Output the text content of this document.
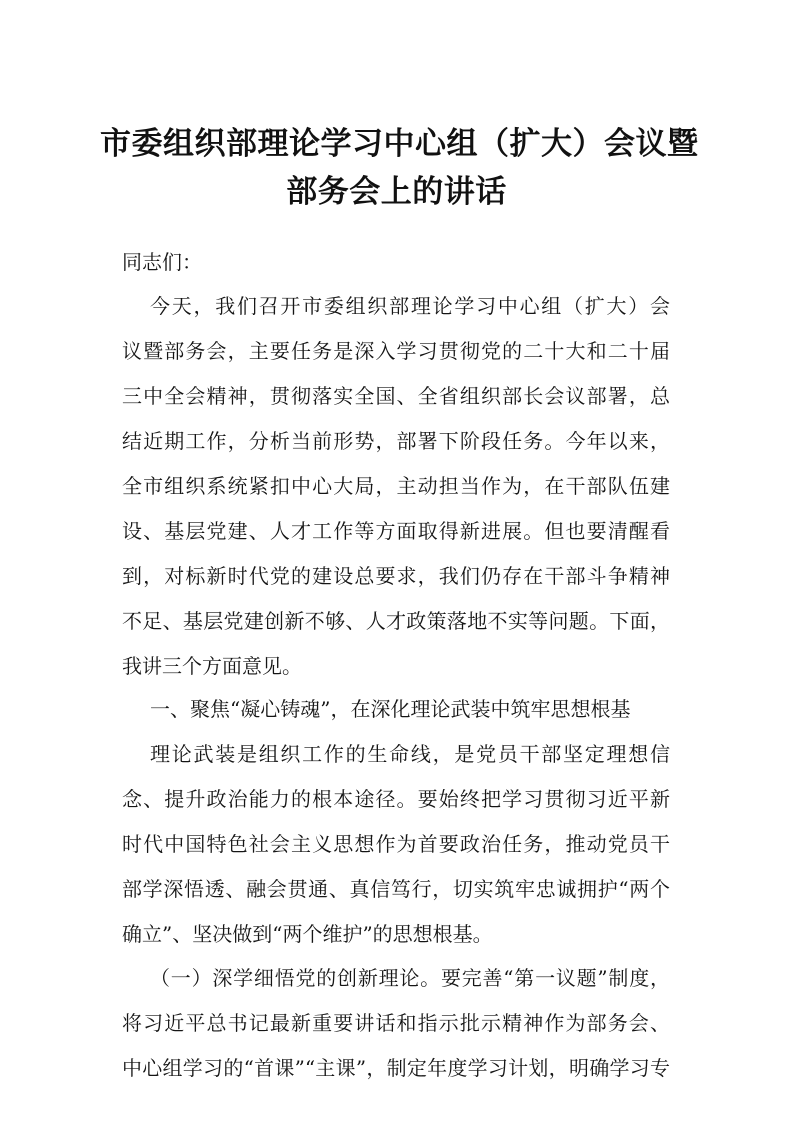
市委组织部理论学习中心组（扩大）会议暨
部务会上的讲话
同志们：
今天，我们召开市委组织部理论学习中心组（扩大）会
议暨部务会，主要任务是深入学习贯彻党的二十大和二十届
三中全会精神，贯彻落实全国、全省组织部长会议部署，总
结近期工作，分析当前形势，部署下阶段任务。今年以来，
全市组织系统紧扣中心大局，主动担当作为，在干部队伍建
设、基层党建、人才工作等方面取得新进展。但也要清醒看
到，对标新时代党的建设总要求，我们仍存在干部斗争精神
不足、基层党建创新不够、人才政策落地不实等问题。下面，
我讲三个方面意见。
一、聚焦“凝心铸魂”，在深化理论武装中筑牢思想根基
理论武装是组织工作的生命线，是党员干部坚定理想信
念、提升政治能力的根本途径。要始终把学习贯彻习近平新
时代中国特色社会主义思想作为首要政治任务，推动党员干
部学深悟透、融会贯通、真信笃行，切实筑牢忠诚拥护“两个
确立”、坚决做到“两个维护”的思想根基。
（一）深学细悟党的创新理论。要完善“第一议题”制度，
将习近平总书记最新重要讲话和指示批示精神作为部务会、
中心组学习的“首课”“主课”，制定年度学习计划，明确学习专
